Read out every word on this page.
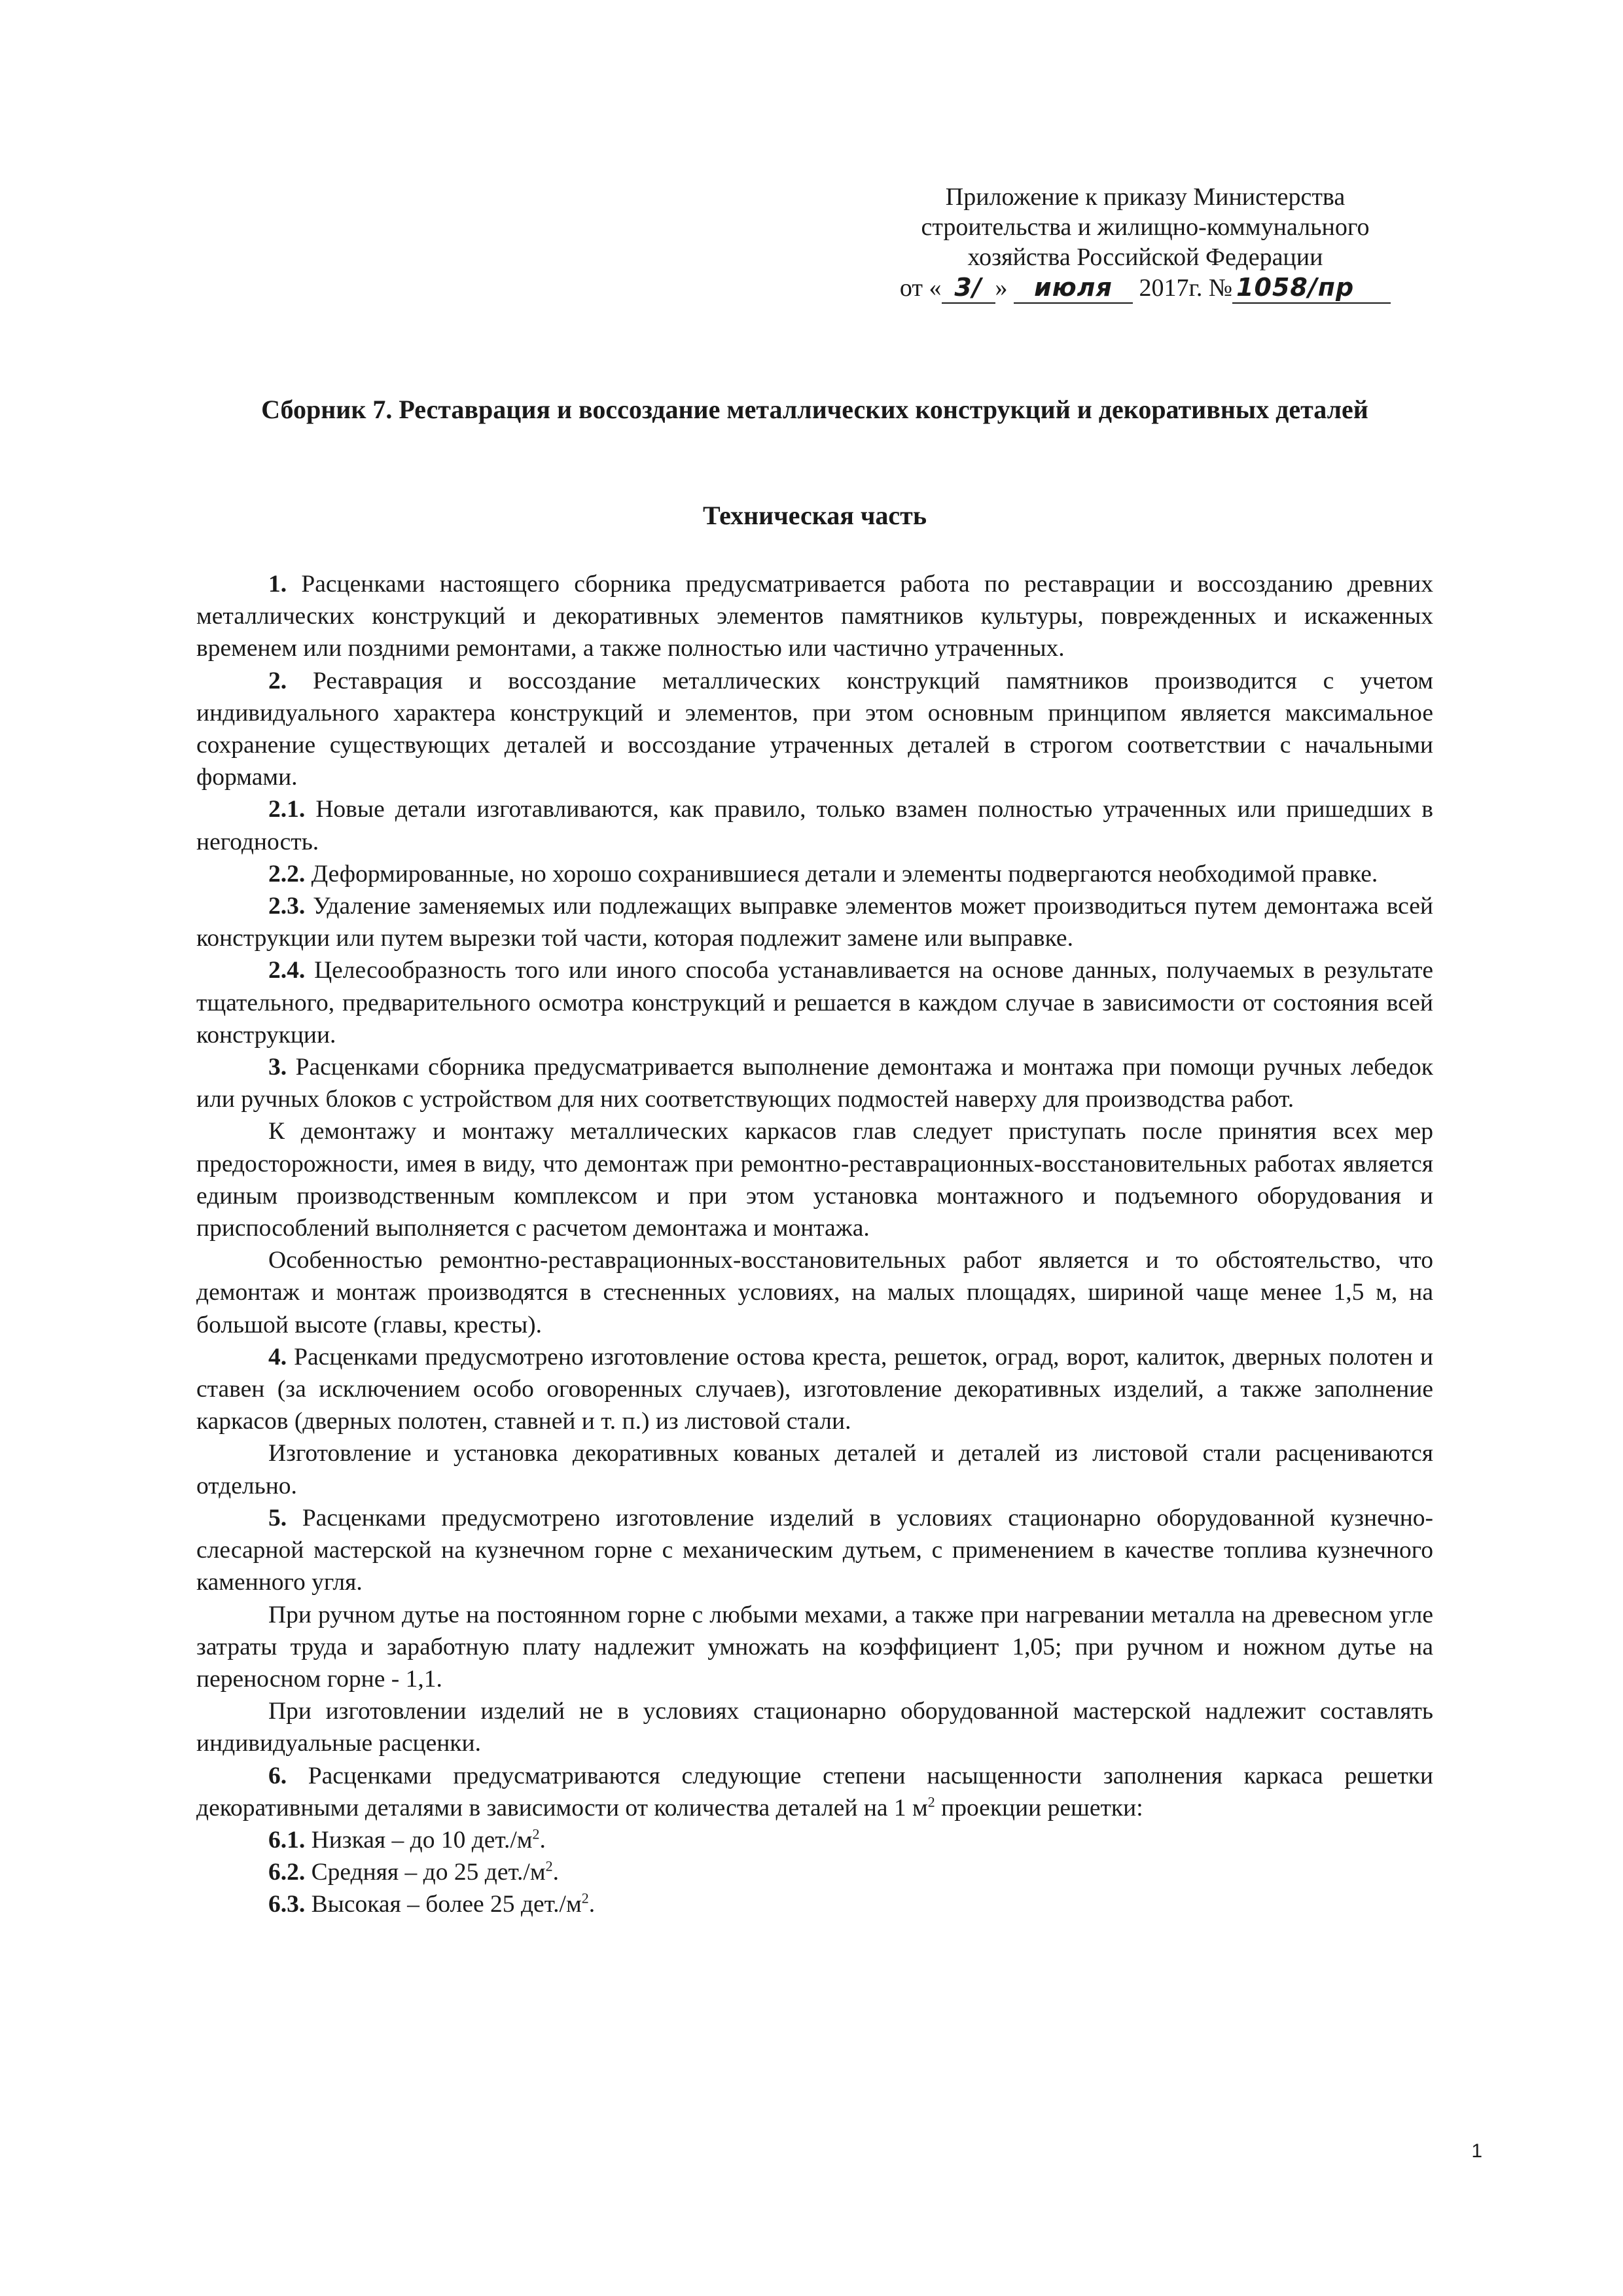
Приложение к приказу Министерства
строительства и жилищно-коммунального
хозяйства Российской Федерации
от « 3/ » июля 2017г. № 1058/пр
Сборник 7. Реставрация и воссоздание металлических конструкций и декоративных деталей
Техническая часть

1. Расценками настоящего сборника предусматривается работа по реставрации и воссозданию древних металлических конструкций и декоративных элементов памятников культуры, поврежденных и искаженных временем или поздними ремонтами, а также полностью или частично утраченных.

2. Реставрация и воссоздание металлических конструкций памятников производится с учетом индивидуального характера конструкций и элементов, при этом основным принципом является максимальное сохранение существующих деталей и воссоздание утраченных деталей в строгом соответствии с начальными формами.

2.1. Новые детали изготавливаются, как правило, только взамен полностью утраченных или пришедших в негодность.

2.2. Деформированные, но хорошо сохранившиеся детали и элементы подвергаются необходимой правке.

2.3. Удаление заменяемых или подлежащих выправке элементов может производиться путем демонтажа всей конструкции или путем вырезки той части, которая подлежит замене или выправке.

2.4. Целесообразность того или иного способа устанавливается на основе данных, получаемых в результате тщательного, предварительного осмотра конструкций и решается в каждом случае в зависимости от состояния всей конструкции.

3. Расценками сборника предусматривается выполнение демонтажа и монтажа при помощи ручных лебедок или ручных блоков с устройством для них соответствующих подмостей наверху для производства работ.

К демонтажу и монтажу металлических каркасов глав следует приступать после принятия всех мер предосторожности, имея в виду, что демонтаж при ремонтно-реставрационных-восстановительных работах является единым производственным комплексом и при этом установка монтажного и подъемного оборудования и приспособлений выполняется с расчетом демонтажа и монтажа.

Особенностью ремонтно-реставрационных-восстановительных работ является и то обстоятельство, что демонтаж и монтаж производятся в стесненных условиях, на малых площадях, шириной чаще менее 1,5 м, на большой высоте (главы, кресты).

4. Расценками предусмотрено изготовление остова креста, решеток, оград, ворот, калиток, дверных полотен и ставен (за исключением особо оговоренных случаев), изготовление декоративных изделий, а также заполнение каркасов (дверных полотен, ставней и т. п.) из листовой стали.

Изготовление и установка декоративных кованых деталей и деталей из листовой стали расцениваются отдельно.

5. Расценками предусмотрено изготовление изделий в условиях стационарно оборудованной кузнечно-слесарной мастерской на кузнечном горне с механическим дутьем, с применением в качестве топлива кузнечного каменного угля.

При ручном дутье на постоянном горне с любыми мехами, а также при нагревании металла на древесном угле затраты труда и заработную плату надлежит умножать на коэффициент 1,05; при ручном и ножном дутье на переносном горне - 1,1.

При изготовлении изделий не в условиях стационарно оборудованной мастерской надлежит составлять индивидуальные расценки.

6. Расценками предусматриваются следующие степени насыщенности заполнения каркаса решетки декоративными деталями в зависимости от количества деталей на 1 $м^2$ проекции решетки:

6.1. Низкая – до 10 $дет./м^2$.

6.2. Средняя – до 25 $дет./м^2$.

6.3. Высокая – более 25 $дет./м^2$.

1
